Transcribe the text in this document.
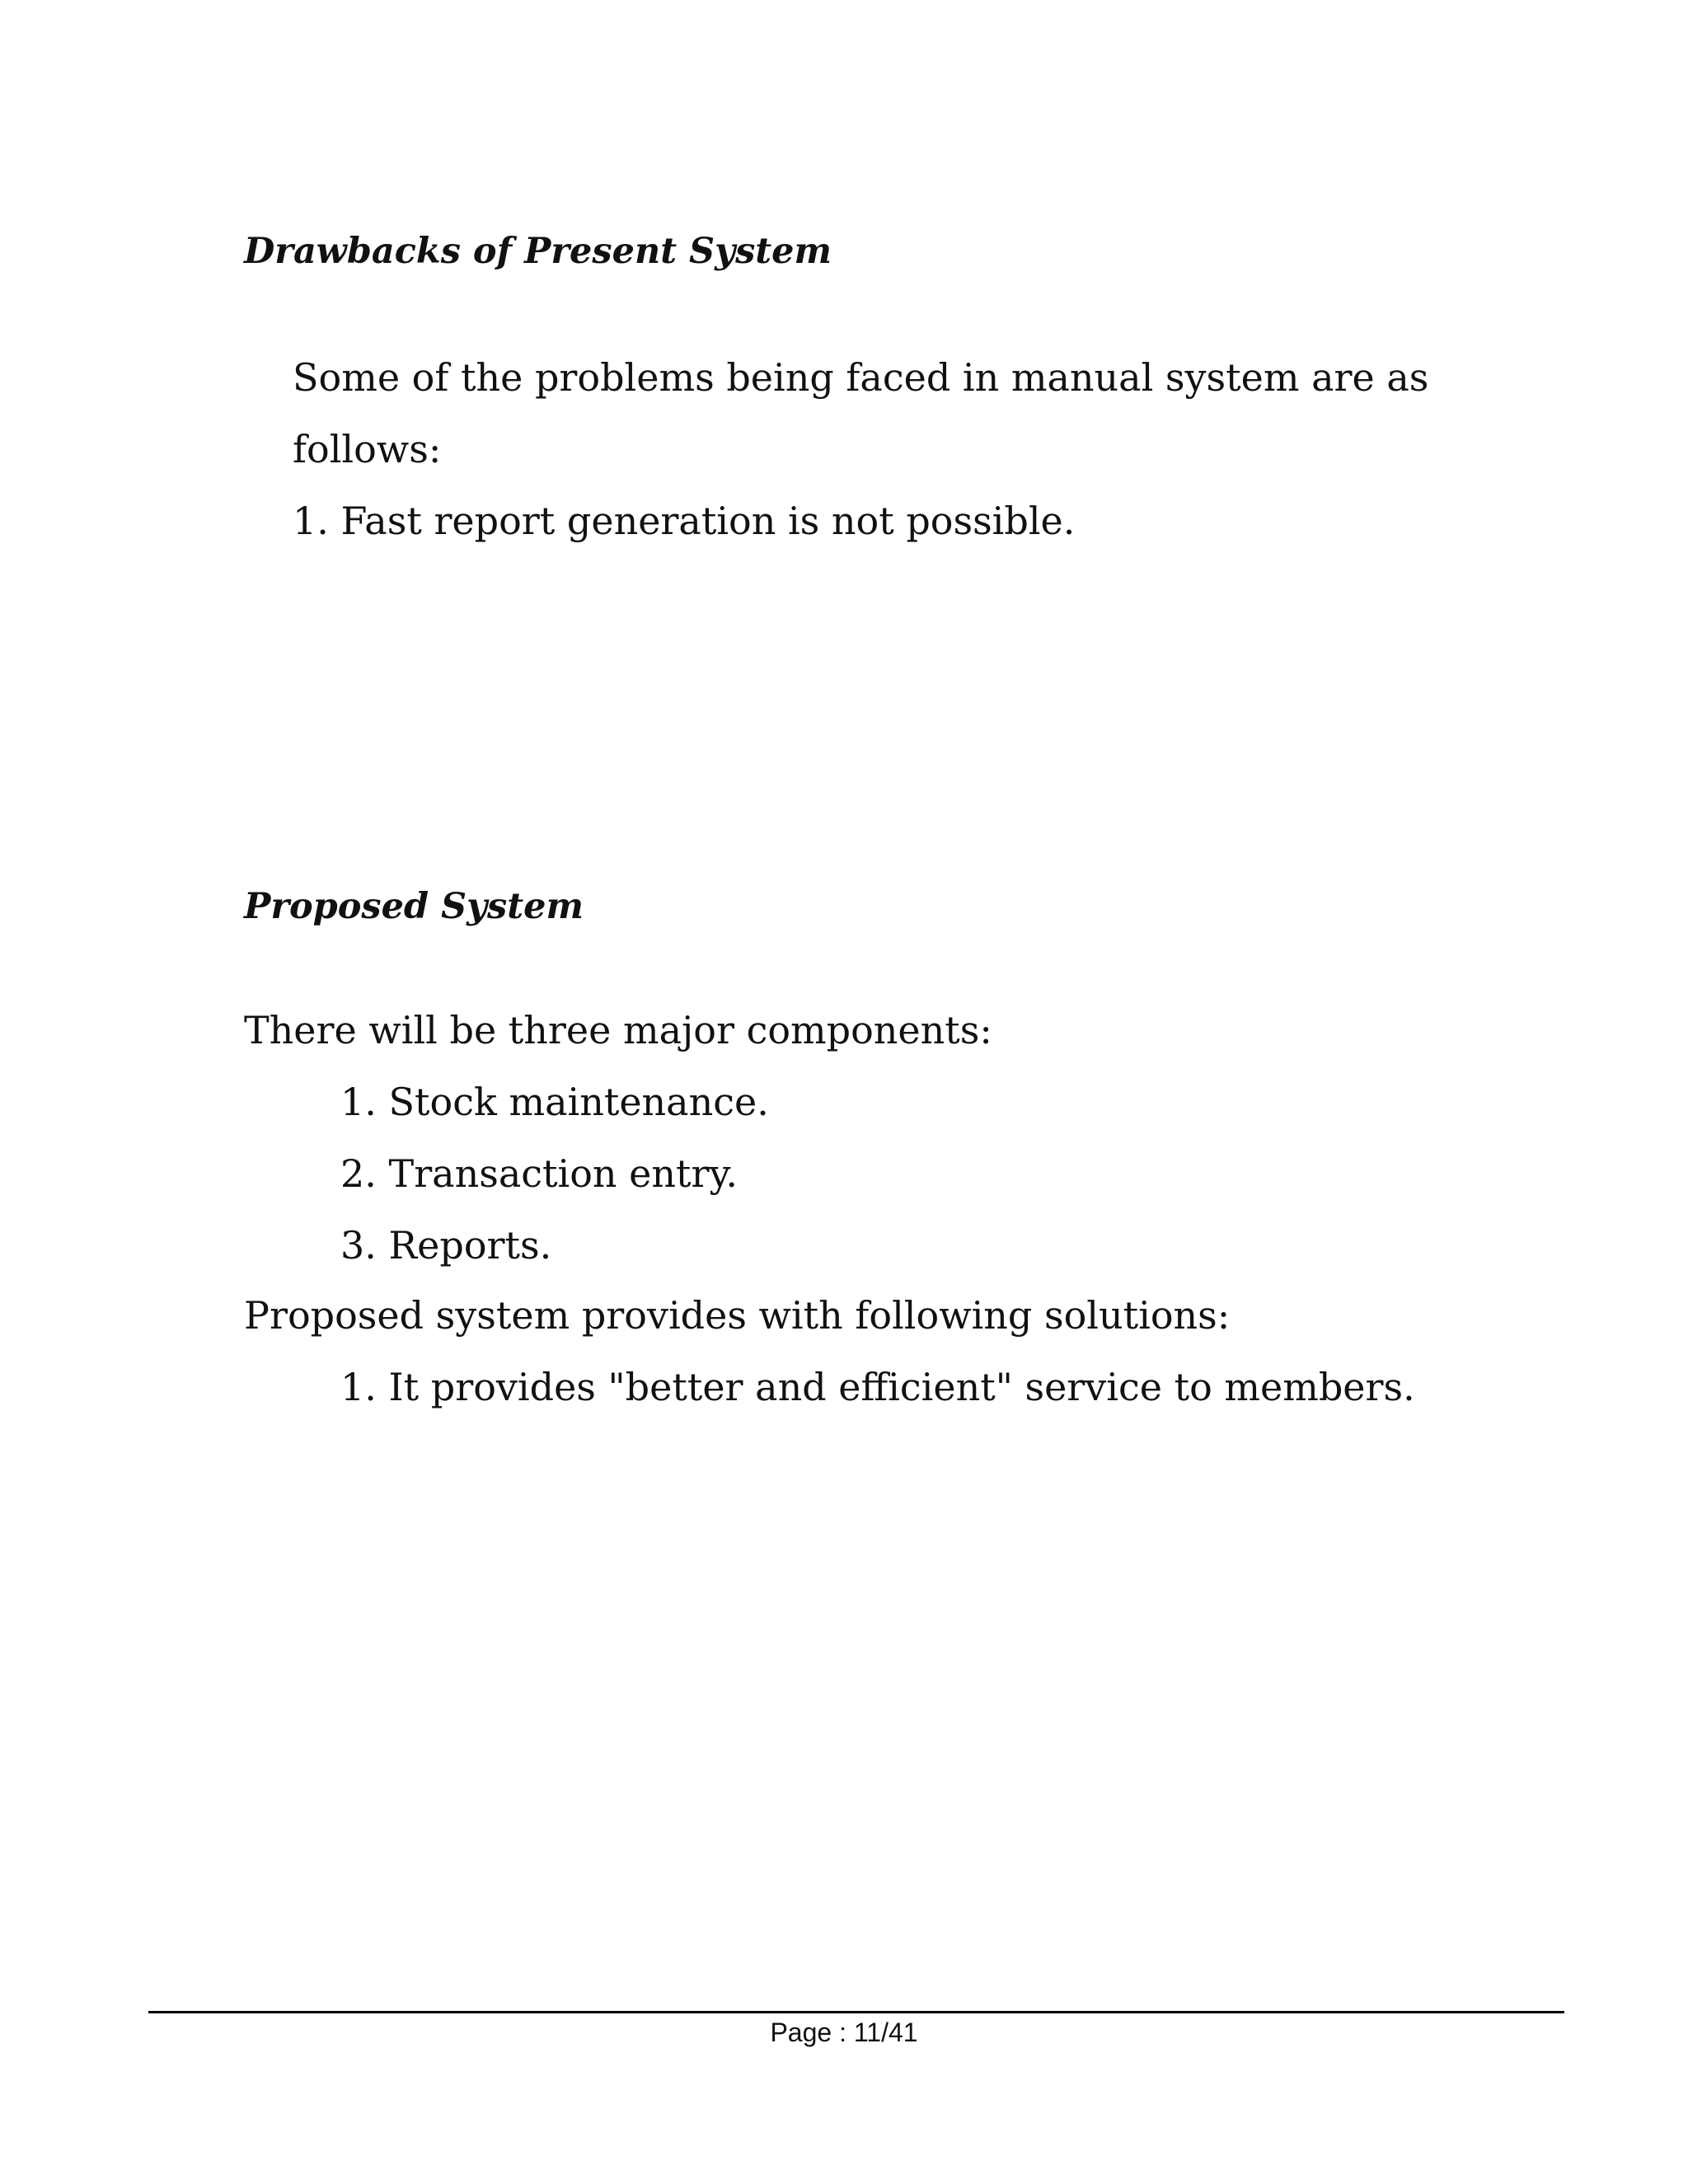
Drawbacks of Present System

Some of the problems being faced in manual system are as

follows:

1. Fast report generation is not possible.

Proposed System

There will be three major components:

1. Stock maintenance.

2. Transaction entry.

3. Reports.

Proposed system provides with following solutions:

1. It provides "better and efficient" service to members.

Page : 11/41
